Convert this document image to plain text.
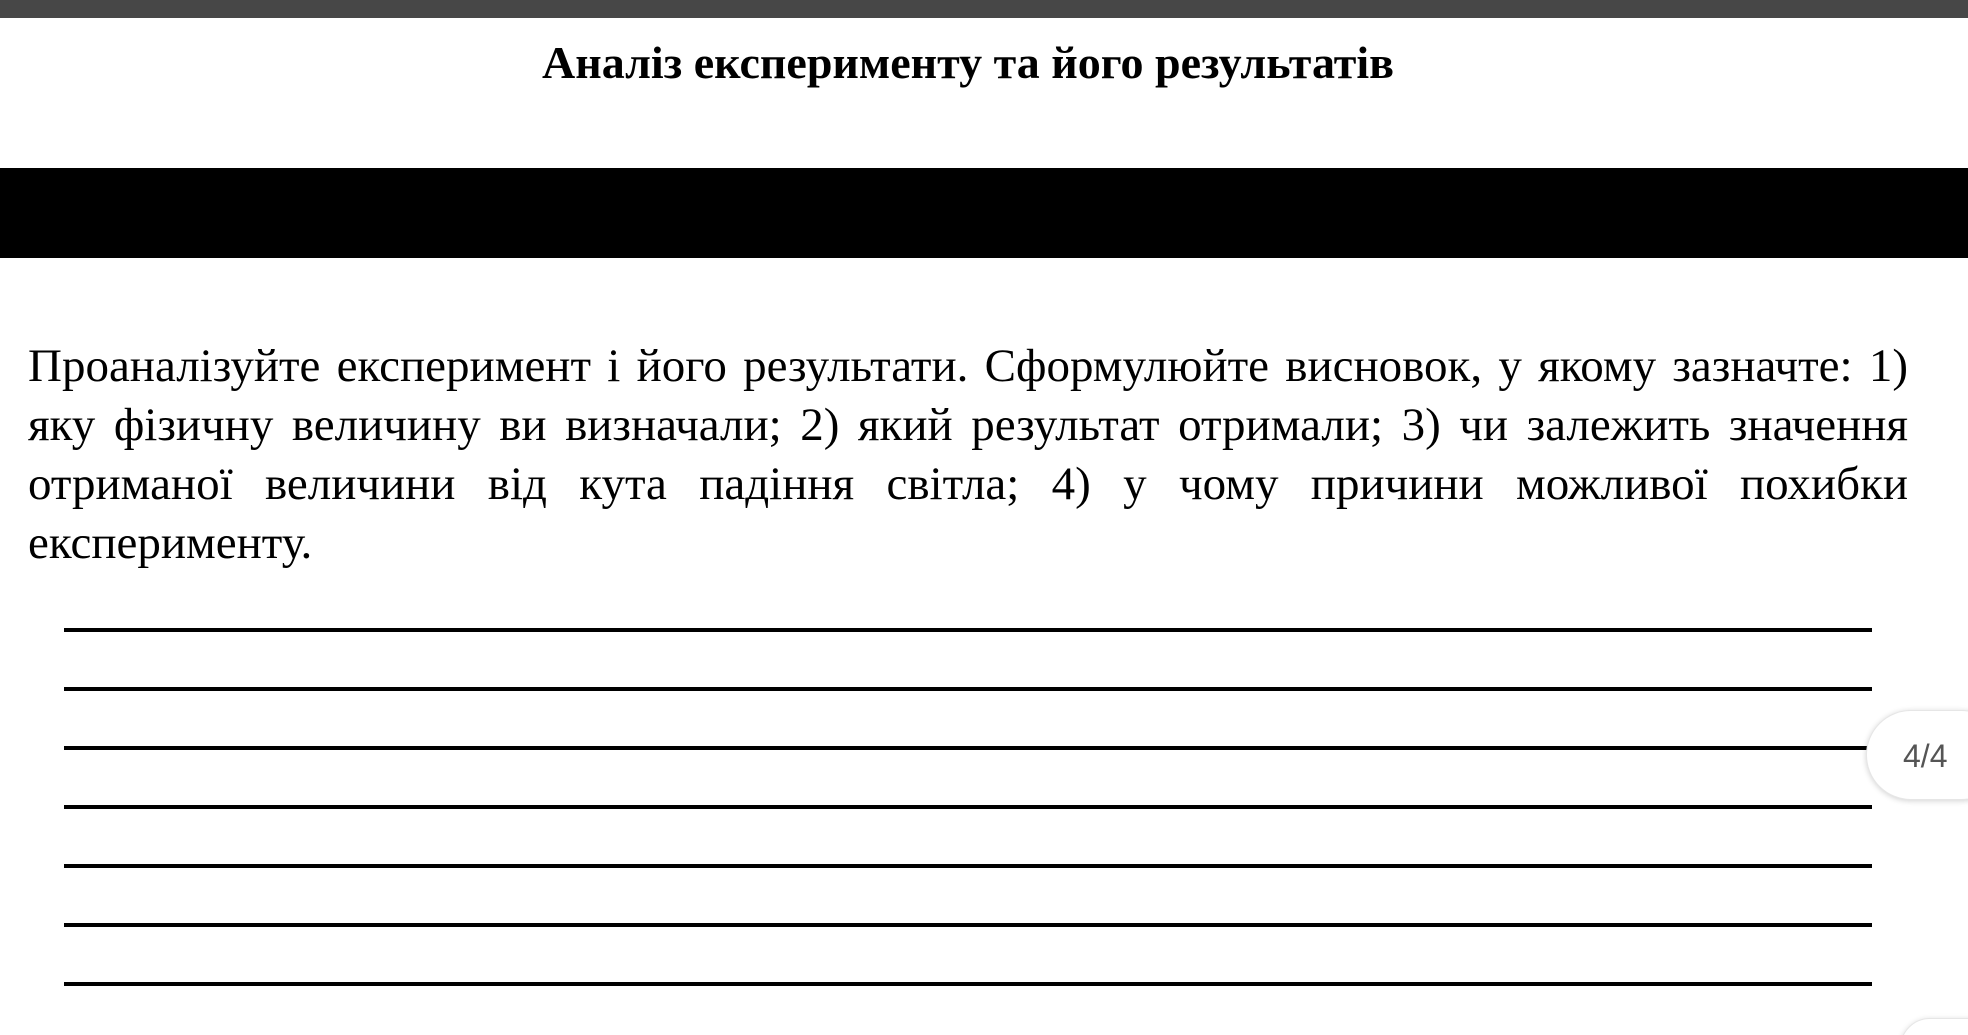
Аналіз експерименту та його результатів

Проаналізуйте експеримент і його результати. Сформулюйте висновок, у якому зазначте: 1) яку фізичну величину ви визначали; 2) який результат отримали; 3) чи залежить значення отриманої величини від кута падіння світла; 4) у чому причини можливої похибки експерименту.

4/4
